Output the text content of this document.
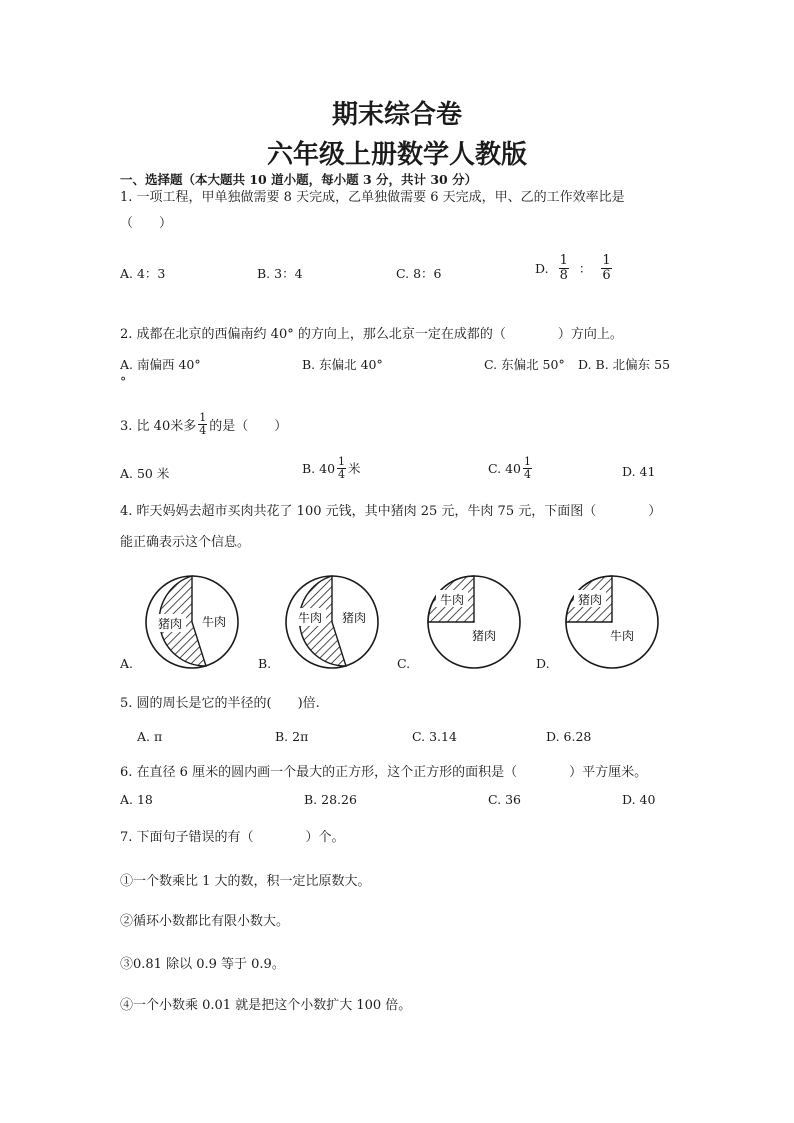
期末综合卷
六年级上册数学人教版
一、选择题（本大题共 10 道小题，每小题 3 分，共计 30 分）
1. 一项工程，甲单独做需要 8 天完成，乙单独做需要 6 天完成，甲、乙的工作效率比是
（　　）
A. 4：3	B. 3：4	C. 8：6	D. $\frac{1}{8}$ ： $\frac{1}{6}$
2. 成都在北京的西偏南约 40° 的方向上，那么北京一定在成都的（　　　　）方向上。
A. 南偏西 40°	B. 东偏北 40°	C. 东偏北 50° D. B. 北偏东 55
°
3. 比 40米多 $\frac{1}{4}$ 的是（　　）
A. 50 米	B. $40 \frac{1}{4}$ 米	C. $40 \frac{1}{4}$	D. 41
4. 昨天妈妈去超市买肉共花了 100 元钱，其中猪肉 25 元，牛肉 75 元，下面图（　　　　）
能正确表示这个信息。
猪肉 牛肉	牛肉 猪肉
牛肉
猪肉
猪肉
牛肉
A.	B.	C.	D.
5. 圆的周长是它的半径的(　　)倍.
A. π	B. 2π	C. 3.14	D. 6.28
6. 在直径 6 厘米的圆内画一个最大的正方形，这个正方形的面积是（　　　　）平方厘米。
A. 18	B. 28.26	C. 36	D. 40
7. 下面句子错误的有（　　　　）个。
①一个数乘比 1 大的数，积一定比原数大。
②循环小数都比有限小数大。
③0.81 除以 0.9 等于 0.9。
④一个小数乘 0.01 就是把这个小数扩大 100 倍。
